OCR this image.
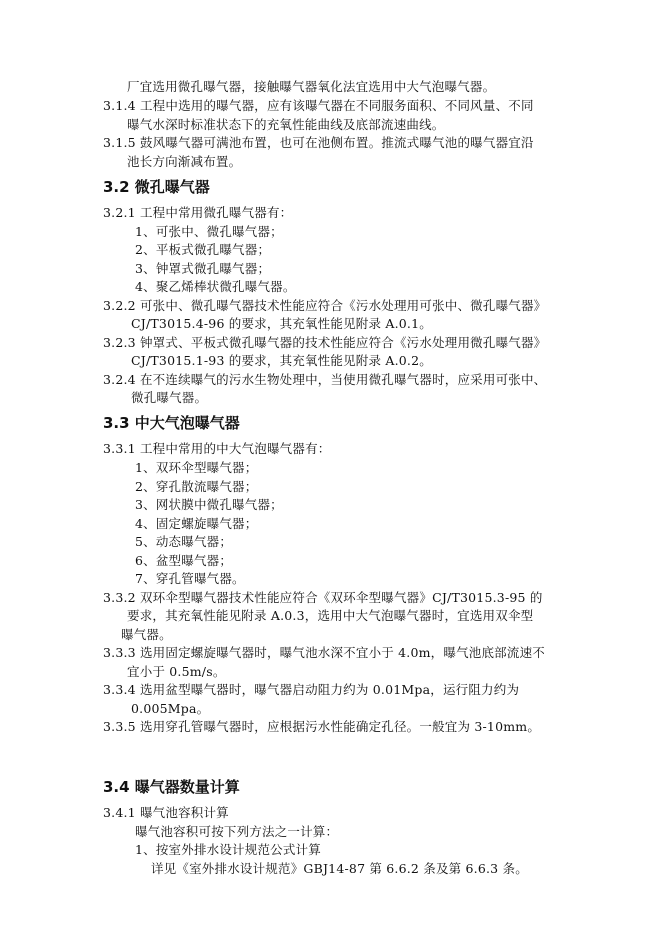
厂宜选用微孔曝气器，接触曝气器氧化法宜选用中大气泡曝气器。
3.1.4 工程中选用的曝气器，应有该曝气器在不同服务面积、不同风量、不同
曝气水深时标准状态下的充氧性能曲线及底部流速曲线。
3.1.5 鼓风曝气器可满池布置，也可在池侧布置。推流式曝气池的曝气器宜沿
池长方向渐减布置。
3.2 微孔曝气器
3.2.1 工程中常用微孔曝气器有：
1、可张中、微孔曝气器；
2、平板式微孔曝气器；
3、钟罩式微孔曝气器；
4、聚乙烯棒状微孔曝气器。
3.2.2 可张中、微孔曝气器技术性能应符合《污水处理用可张中、微孔曝气器》
CJ/T3015.4-96 的要求，其充氧性能见附录 A.0.1。
3.2.3 钟罩式、平板式微孔曝气器的技术性能应符合《污水处理用微孔曝气器》
CJ/T3015.1-93 的要求，其充氧性能见附录 A.0.2。
3.2.4 在不连续曝气的污水生物处理中，当使用微孔曝气器时，应采用可张中、
微孔曝气器。
3.3 中大气泡曝气器
3.3.1 工程中常用的中大气泡曝气器有：
1、双环伞型曝气器；
2、穿孔散流曝气器；
3、网状膜中微孔曝气器；
4、固定螺旋曝气器；
5、动态曝气器；
6、盆型曝气器；
7、穿孔管曝气器。
3.3.2 双环伞型曝气器技术性能应符合《双环伞型曝气器》CJ/T3015.3-95 的
要求，其充氧性能见附录 A.0.3，选用中大气泡曝气器时，宜选用双伞型
曝气器。
3.3.3 选用固定螺旋曝气器时，曝气池水深不宜小于 4.0m，曝气池底部流速不
宜小于 0.5m/s。
3.3.4 选用盆型曝气器时，曝气器启动阻力约为 0.01Mpa，运行阻力约为
0.005Mpa。
3.3.5 选用穿孔管曝气器时，应根据污水性能确定孔径。一般宜为 3-10mm。
3.4 曝气器数量计算
3.4.1 曝气池容积计算
曝气池容积可按下列方法之一计算：
1、按室外排水设计规范公式计算
详见《室外排水设计规范》GBJ14-87 第 6.6.2 条及第 6.6.3 条。
